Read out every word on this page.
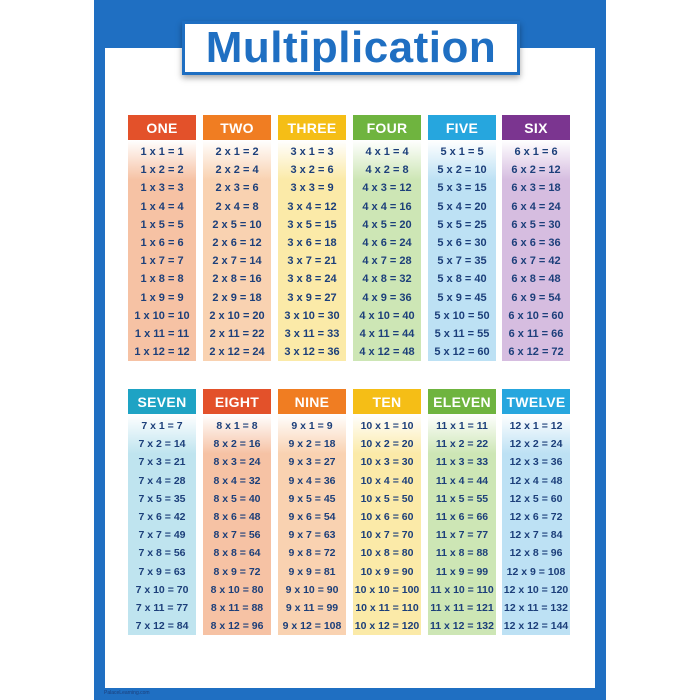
Multiplication
ONE
1 x 1 = 1
1 x 2 = 2
1 x 3 = 3
1 x 4 = 4
1 x 5 = 5
1 x 6 = 6
1 x 7 = 7
1 x 8 = 8
1 x 9 = 9
1 x 10 = 10
1 x 11 = 11
1 x 12 = 12
TWO
2 x 1 = 2
2 x 2 = 4
2 x 3 = 6
2 x 4 = 8
2 x 5 = 10
2 x 6 = 12
2 x 7 = 14
2 x 8 = 16
2 x 9 = 18
2 x 10 = 20
2 x 11 = 22
2 x 12 = 24
THREE
3 x 1 = 3
3 x 2 = 6
3 x 3 = 9
3 x 4 = 12
3 x 5 = 15
3 x 6 = 18
3 x 7 = 21
3 x 8 = 24
3 x 9 = 27
3 x 10 = 30
3 x 11 = 33
3 x 12 = 36
FOUR
4 x 1 = 4
4 x 2 = 8
4 x 3 = 12
4 x 4 = 16
4 x 5 = 20
4 x 6 = 24
4 x 7 = 28
4 x 8 = 32
4 x 9 = 36
4 x 10 = 40
4 x 11 = 44
4 x 12 = 48
FIVE
5 x 1 = 5
5 x 2 = 10
5 x 3 = 15
5 x 4 = 20
5 x 5 = 25
5 x 6 = 30
5 x 7 = 35
5 x 8 = 40
5 x 9 = 45
5 x 10 = 50
5 x 11 = 55
5 x 12 = 60
SIX
6 x 1 = 6
6 x 2 = 12
6 x 3 = 18
6 x 4 = 24
6 x 5 = 30
6 x 6 = 36
6 x 7 = 42
6 x 8 = 48
6 x 9 = 54
6 x 10 = 60
6 x 11 = 66
6 x 12 = 72
SEVEN
7 x 1 = 7
7 x 2 = 14
7 x 3 = 21
7 x 4 = 28
7 x 5 = 35
7 x 6 = 42
7 x 7 = 49
7 x 8 = 56
7 x 9 = 63
7 x 10 = 70
7 x 11 = 77
7 x 12 = 84
EIGHT
8 x 1 = 8
8 x 2 = 16
8 x 3 = 24
8 x 4 = 32
8 x 5 = 40
8 x 6 = 48
8 x 7 = 56
8 x 8 = 64
8 x 9 = 72
8 x 10 = 80
8 x 11 = 88
8 x 12 = 96
NINE
9 x 1 = 9
9 x 2 = 18
9 x 3 = 27
9 x 4 = 36
9 x 5 = 45
9 x 6 = 54
9 x 7 = 63
9 x 8 = 72
9 x 9 = 81
9 x 10 = 90
9 x 11 = 99
9 x 12 = 108
TEN
10 x 1 = 10
10 x 2 = 20
10 x 3 = 30
10 x 4 = 40
10 x 5 = 50
10 x 6 = 60
10 x 7 = 70
10 x 8 = 80
10 x 9 = 90
10 x 10 = 100
10 x 11 = 110
10 x 12 = 120
ELEVEN
11 x 1 = 11
11 x 2 = 22
11 x 3 = 33
11 x 4 = 44
11 x 5 = 55
11 x 6 = 66
11 x 7 = 77
11 x 8 = 88
11 x 9 = 99
11 x 10 = 110
11 x 11 = 121
11 x 12 = 132
TWELVE
12 x 1 = 12
12 x 2 = 24
12 x 3 = 36
12 x 4 = 48
12 x 5 = 60
12 x 6 = 72
12 x 7 = 84
12 x 8 = 96
12 x 9 = 108
12 x 10 = 120
12 x 11 = 132
12 x 12 = 144
PalaceLearning.com
